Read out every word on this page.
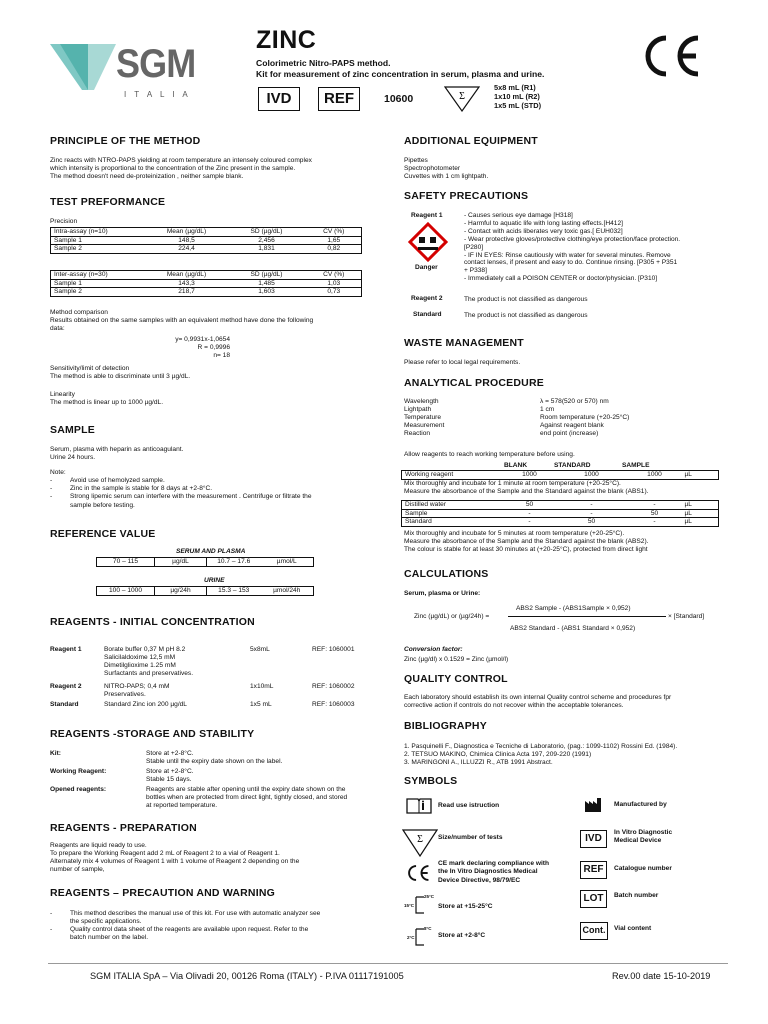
SGM
I T A L I A
ZINC
Colorimetric Nitro-PAPS method.
Kit for measurement of zinc concentration in serum, plasma and urine.
IVD	REF	10600	Σ
5x8 mL (R1)
1x10 mL (R2)
1x5 mL (STD)
PRINCIPLE OF THE METHOD
Zinc reacts with NTRO-PAPS yielding at room temperature an intensely coloured complex
which intensity is proportional to the concentration of the Zinc present in the sample.
The method doesn't need de-proteinization , neither sample blank.
TEST PREFORMANCE
Precision
Intra-assay (n=10)	Mean (µg/dL)	SD (µg/dL)	CV (%)
Sample 1	148,5	2,456	1,65
Sample 2	224,4	1,831	0,82
Inter-assay (n=30)	Mean (µg/dL)	SD (µg/dL)	CV (%)
Sample 1	143,3	1,485	1,03
Sample 2	218,7	1,603	0,73
Method comparison
Results obtained on the same samples with an equivalent method have done the following
data:
y= 0,9931x-1,0654
R = 0,9996
n= 18
Sensitivity/limit of detection
The method is able to discriminate until 3 µg/dL.
Linearity
The method is linear up to 1000 µg/dL.
SAMPLE
Serum, plasma with heparin as anticoagulant.
Urine 24 hours.
Note:
-	Avoid use of hemolyzed sample.
-	Zinc in the sample is stable for 8 days at +2-8°C.
-	Strong lipemic serum can interfere with the measurement . Centrifuge or filtrate the
sample before testing.
REFERENCE VALUE
SERUM AND PLASMA
70 – 115	µg/dL	10.7 – 17.6	µmol/L
URINE
100 – 1000	µg/24h	15.3 – 153	µmol/24h
REAGENTS - INITIAL CONCENTRATION
Reagent 1	Borate buffer 0,37 M pH 8.2
Salicilaldoxime 12,5 mM
Dimetilglioxime 1.25 mM
Surfactants and preservatives.
5x8mL	REF: 1060001
Reagent 2	NITRO-PAPS; 0,4 mM
Preservatives.
1x10mL	REF: 1060002
Standard	Standard Zinc ion 200 µg/dL	1x5 mL	REF: 1060003
REAGENTS -STORAGE AND STABILITY
Kit:	Store at +2-8°C.
Stable until the expiry date shown on the label.
Working Reagent:	Store at +2-8°C.
Stable 15 days.
Opened reagents:	Reagents are stable after opening until the expiry date shown on the
bottles when are protected from direct light, tightly closed, and stored
at reported temperature.
REAGENTS - PREPARATION
Reagents are liquid ready to use.
To prepare the Working Reagent add 2 mL of Reagent 2 to a vial of Reagent 1.
Alternately mix 4 volumes of Reagent 1 with 1 volume of Reagent 2 depending on the
number of sample,
REAGENTS – PRECAUTION AND WARNING
-	This method describes the manual use of this kit. For use with automatic analyzer see
the specific applications.
-	Quality control data sheet of the reagents are available upon request. Refer to the
batch number on the label.
ADDITIONAL EQUIPMENT
Pipettes
Spectrophotometer
Cuvettes with 1 cm lightpath.
SAFETY PRECAUTIONS
Reagent 1
Danger
- Causes serious eye damage [H318]
- Harmful to aquatic life with long lasting effects.[H412]
- Contact with acids liberates very toxic gas.[ EUH032]
- Wear protective gloves/protective clothing/eye protection/face protection.
[P280]
- IF IN EYES: Rinse cautiously with water for several minutes. Remove
contact lenses, if present and easy to do. Continue rinsing. [P305 + P351
+ P338]
- Immediately call a POISON CENTER or doctor/physician. [P310]
Reagent 2	The product is not classified as dangerous
Standard	The product is not classified as dangerous
WASTE MANAGEMENT
Please refer to local legal requirements.
ANALYTICAL PROCEDURE
Wavelength	λ = 578(520 or 570) nm
Lightpath	1 cm
Temperature	Room temperature (+20-25°C)
Measurement	Against reagent blank
Reaction	end point (increase)
Allow reagents to reach working temperature before using.
BLANK	STANDARD	SAMPLE
Working reagent	1000	1000	1000	µL
Mix thoroughly and incubate for 1 minute at room temperature (+20-25°C).
Measure the absorbance of the Sample and the Standard against the blank (ABS1).
Distilled water	50	-	-	µL
Sample	-	-	50	µL
Standard	-	50	-	µL
Mix thoroughly and incubate for 5 minutes at room temperature (+20-25°C).
Measure the absorbance of the Sample and the Standard against the blank (ABS2).
The colour is stable for at least 30 minutes at (+20-25°C), protected from direct light
CALCULATIONS
Serum, plasma or Urine:
Zinc (µg/dL) or (µg/24h) =
ABS2 Sample - (ABS1Sample × 0,952)
ABS2 Standard - (ABS1 Standard × 0,952)
× [Standard]
Conversion factor:
Zinc (µg/dl) x 0.1529 = Zinc (µmol/l)
QUALITY CONTROL
Each laboratory should establish its own internal Quality control scheme and procedures fpr
corrective action if controls do not recover within the acceptable tolerances.
BIBLIOGRAPHY
1. Pasquinelli F., Diagnostica e Tecniche di Laboratorio, (pag.: 1099-1102) Rossini Ed. (1984).
2. TETSUO MAKINO, Chimica Clinica Acta 197, 209-220 (1991)
3. MARINGONI A., ILLUZZI R., ATB 1991 Abstract.
SYMBOLS
Read use istruction	Manufactured by
Σ Size/number of tests	IVD
In Vitro Diagnostic
Medical Device
CE mark declaring compliance with
the In Vitro Diagnostics Medical
Device Directive, 98/79/EC
REF	Catalogue number
15°C
25°C
Store at +15-25°C
LOT	Batch number
2°C
8°C
Store at +2-8°C
Cont.	Vial content
SGM ITALIA SpA – Via Olivadi 20, 00126 Roma (ITALY) - P.IVA 01117191005	Rev.00 date 15-10-2019
